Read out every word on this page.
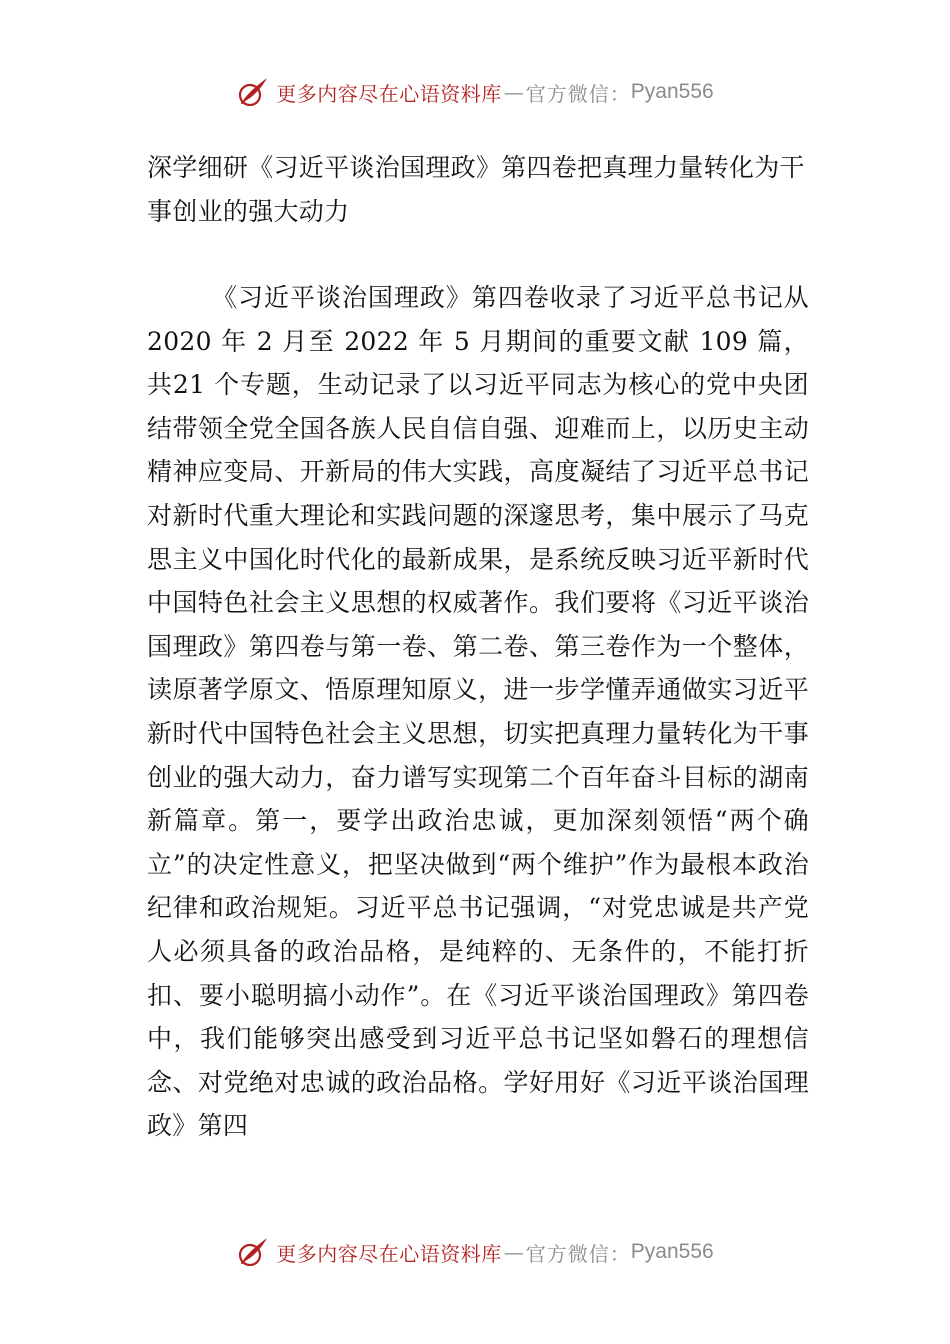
更多内容尽在心语资料库 — 官方微信： Pyan556
深学细研《习近平谈治国理政》第四卷把真理力量转化为干事创业的强大动力

《习近平谈治国理政》第四卷收录了习近平总书记从2020 年 2 月至 2022 年 5 月期间的重要文献 109 篇，共21 个专题，生动记录了以习近平同志为核心的党中央团结带领全党全国各族人民自信自强、迎难而上，以历史主动精神应变局、开新局的伟大实践，高度凝结了习近平总书记对新时代重大理论和实践问题的深邃思考，集中展示了马克思主义中国化时代化的最新成果，是系统反映习近平新时代中国特色社会主义思想的权威著作。我们要将《习近平谈治国理政》第四卷与第一卷、第二卷、第三卷作为一个整体，读原著学原文、悟原理知原义，进一步学懂弄通做实习近平新时代中国特色社会主义思想，切实把真理力量转化为干事创业的强大动力，奋力谱写实现第二个百年奋斗目标的湖南新篇章。第一，要学出政治忠诚，更加深刻领悟“两个确立”的决定性意义，把坚决做到“两个维护”作为最根本政治纪律和政治规矩。习近平总书记强调，“对党忠诚是共产党人必须具备的政治品格，是纯粹的、无条件的，不能打折扣、要小聪明搞小动作”。在《习近平谈治国理政》第四卷中，我们能够突出感受到习近平总书记坚如磐石的理想信念、对党绝对忠诚的政治品格。学好用好《习近平谈治国理政》第四

更多内容尽在心语资料库 — 官方微信： Pyan556
